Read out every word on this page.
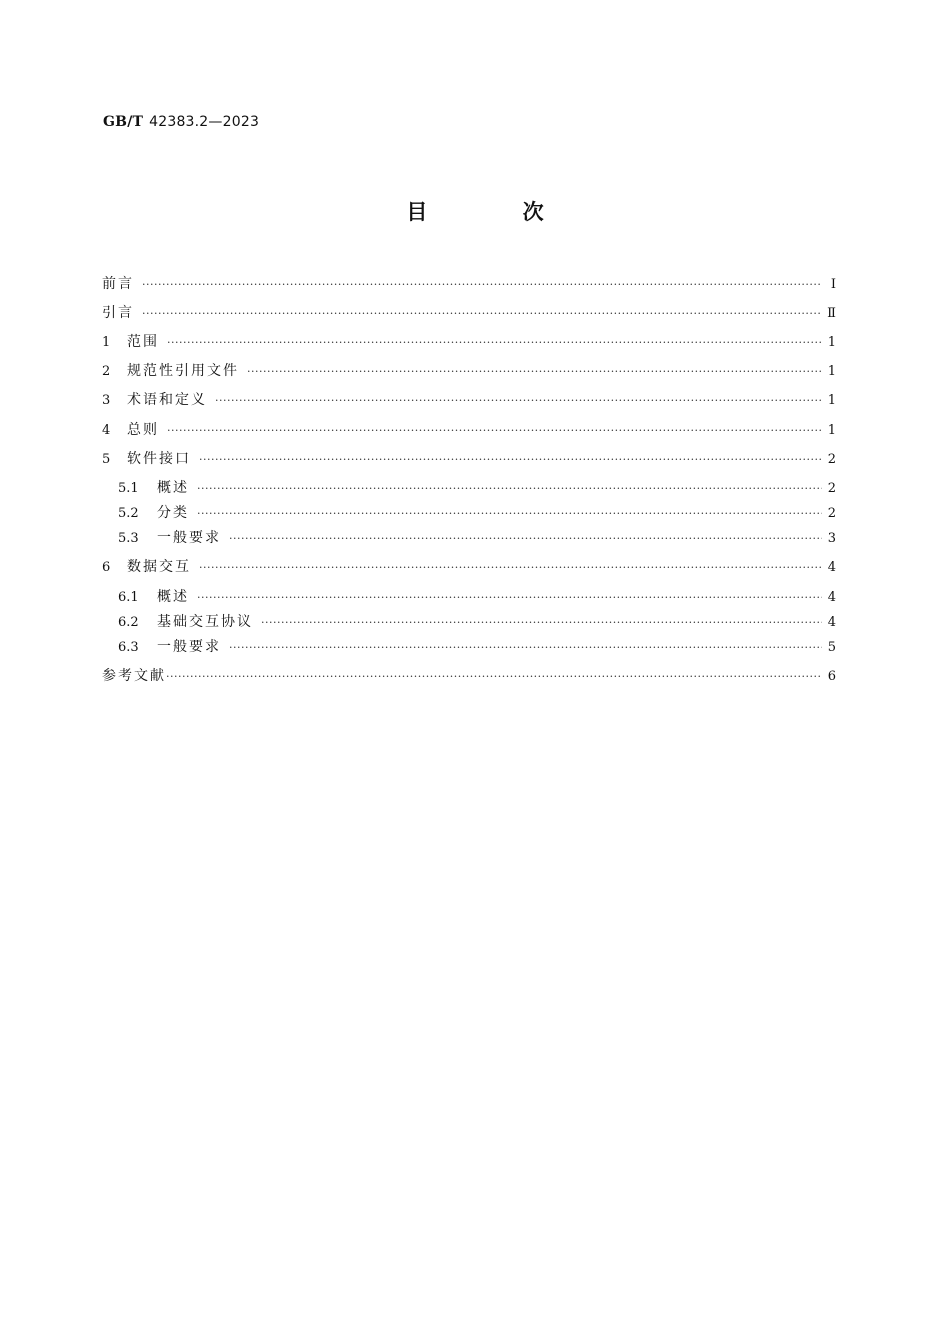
GB/T 42383.2—2023
目 次
前言 ·····	Ⅰ
引言 ·····	Ⅱ
1	范围 ·····	1
2	规范性引用文件 ·····	1
3	术语和定义 ·····	1
4	总则 ·····	1
5	软件接口 ·····	2
5.1	概述 ·····	2
5.2	分类 ·····	2
5.3	一般要求 ·····	3
6	数据交互 ·····	4
6.1	概述 ·····	4
6.2	基础交互协议 ·····	4
6.3	一般要求 ·····	5
参考文献 ·····	6
